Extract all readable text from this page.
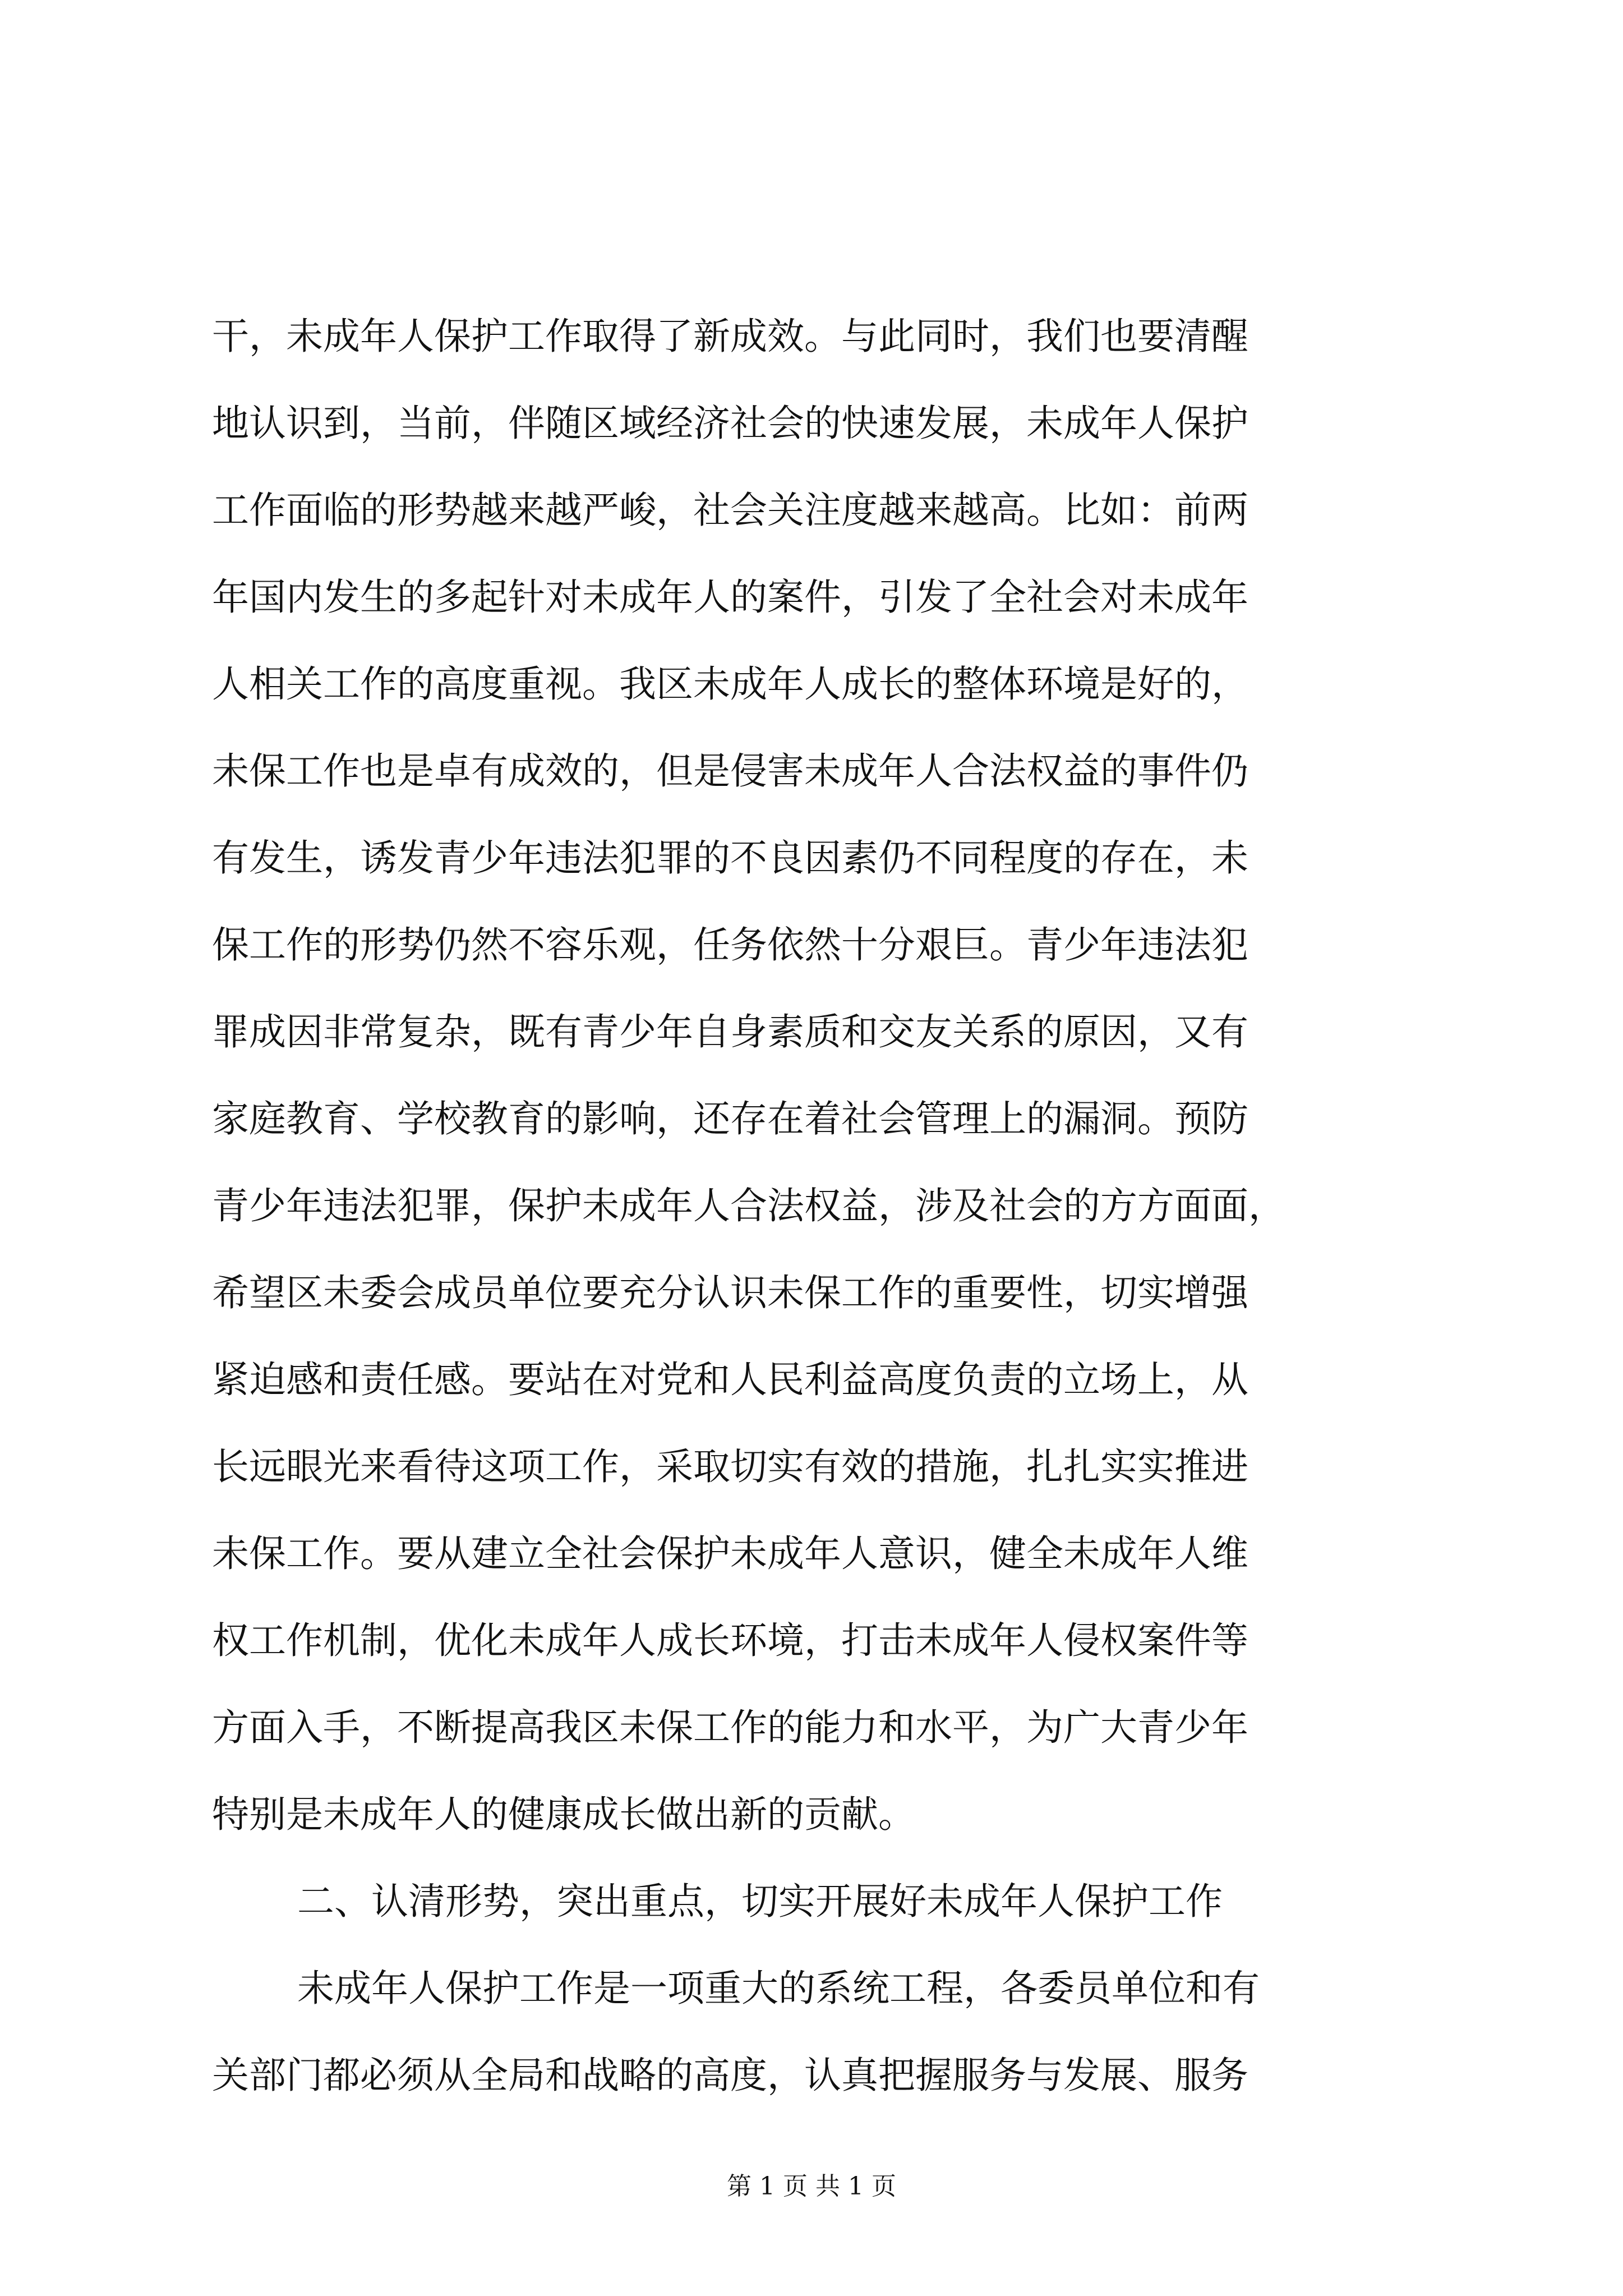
干，未成年人保护工作取得了新成效。与此同时，我们也要清醒
地认识到，当前，伴随区域经济社会的快速发展，未成年人保护
工作面临的形势越来越严峻，社会关注度越来越高。比如：前两
年国内发生的多起针对未成年人的案件，引发了全社会对未成年
人相关工作的高度重视。我区未成年人成长的整体环境是好的，
未保工作也是卓有成效的，但是侵害未成年人合法权益的事件仍
有发生，诱发青少年违法犯罪的不良因素仍不同程度的存在，未
保工作的形势仍然不容乐观，任务依然十分艰巨。青少年违法犯
罪成因非常复杂，既有青少年自身素质和交友关系的原因，又有
家庭教育、学校教育的影响，还存在着社会管理上的漏洞。预防
青少年违法犯罪，保护未成年人合法权益，涉及社会的方方面面，
希望区未委会成员单位要充分认识未保工作的重要性，切实增强
紧迫感和责任感。要站在对党和人民利益高度负责的立场上，从
长远眼光来看待这项工作，采取切实有效的措施，扎扎实实推进
未保工作。要从建立全社会保护未成年人意识，健全未成年人维
权工作机制，优化未成年人成长环境，打击未成年人侵权案件等
方面入手，不断提高我区未保工作的能力和水平，为广大青少年
特别是未成年人的健康成长做出新的贡献。
二、认清形势，突出重点，切实开展好未成年人保护工作
未成年人保护工作是一项重大的系统工程，各委员单位和有
关部门都必须从全局和战略的高度，认真把握服务与发展、服务
第 1 页 共 1 页
